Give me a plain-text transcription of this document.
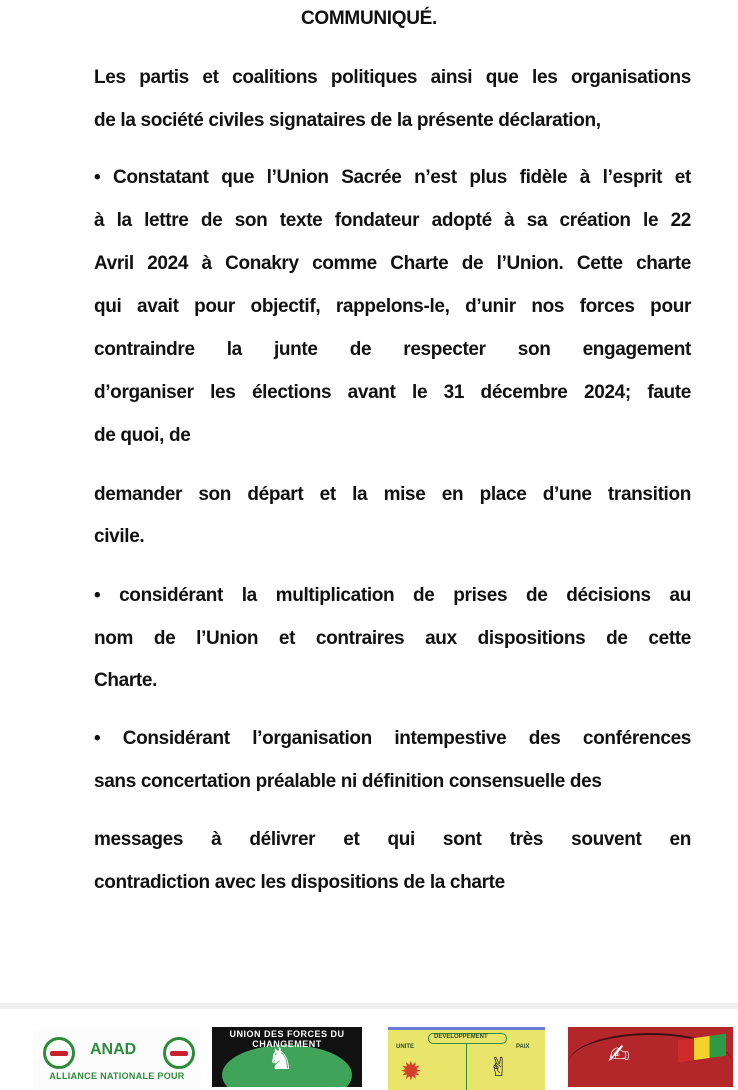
COMMUNIQUÉ.
Les partis et coalitions politiques ainsi que les organisations
de la société civiles signataires de la présente déclaration,
• Constatant que l’Union Sacrée n’est plus fidèle à l’esprit et
à la lettre de son texte fondateur adopté à sa création le 22
Avril 2024 à Conakry comme Charte de l’Union. Cette charte
qui avait pour objectif, rappelons-le, d’unir nos forces pour
contraindre la junte de respecter son engagement
d’organiser les élections avant le 31 décembre 2024; faute
de quoi, de
demander son départ et la mise en place d’une transition
civile.
• considérant la multiplication de prises de décisions au
nom de l’Union et contraires aux dispositions de cette
Charte.
• Considérant l’organisation intempestive des conférences
sans concertation préalable ni définition consensuelle des
messages à délivrer et qui sont très souvent en
contradiction avec les dispositions de la charte
ANAD
ALLIANCE NATIONALE POUR
UNION DES FORCES DU CHANGEMENT
♞
DEVELOPPEMENT
UNITE	PAIX
✹	✌	✍
